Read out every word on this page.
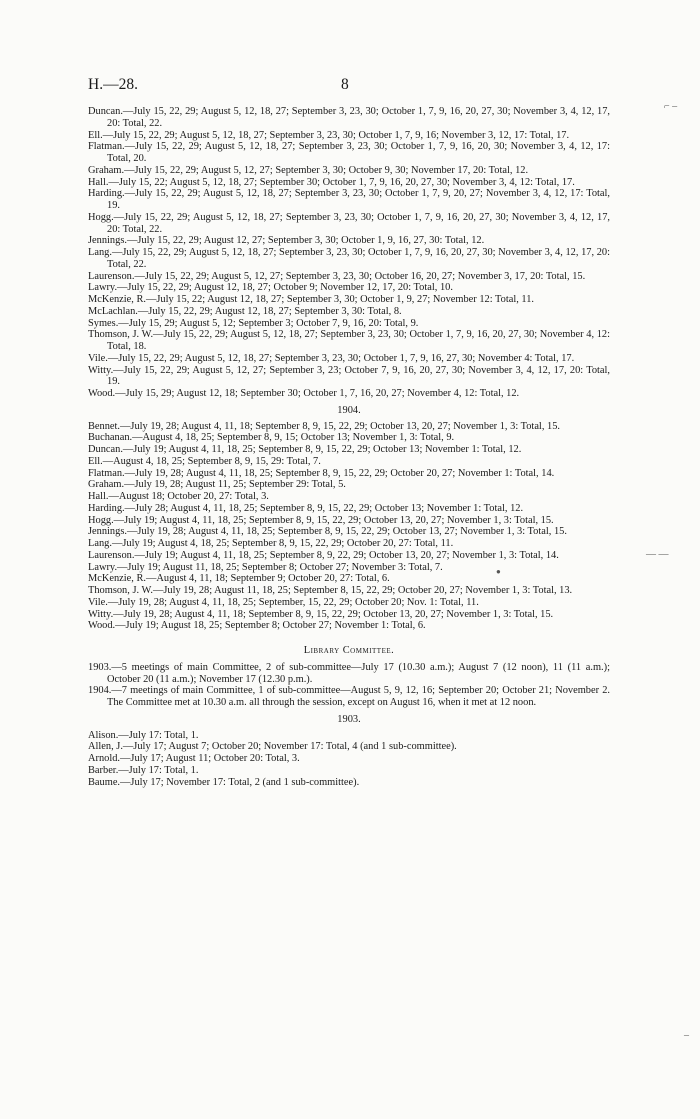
H.—28.	8
⌐ –
— —
●
–

Duncan.—July 15, 22, 29; August 5, 12, 18, 27; September 3, 23, 30; October 1, 7, 9, 16, 20, 27, 30; November 3, 4, 12, 17, 20: Total, 22.

Ell.—July 15, 22, 29; August 5, 12, 18, 27; September 3, 23, 30; October 1, 7, 9, 16; November 3, 12, 17: Total, 17.

Flatman.—July 15, 22, 29; August 5, 12, 18, 27; September 3, 23, 30; October 1, 7, 9, 16, 20, 30; November 3, 4, 12, 17: Total, 20.

Graham.—July 15, 22, 29; August 5, 12, 27; September 3, 30; October 9, 30; November 17, 20: Total, 12.

Hall.—July 15, 22; August 5, 12, 18, 27; September 30; October 1, 7, 9, 16, 20, 27, 30; November 3, 4, 12: Total, 17.

Harding.—July 15, 22, 29; August 5, 12, 18, 27; September 3, 23, 30; October 1, 7, 9, 20, 27; November 3, 4, 12, 17: Total, 19.

Hogg.—July 15, 22, 29; August 5, 12, 18, 27; September 3, 23, 30; October 1, 7, 9, 16, 20, 27, 30; November 3, 4, 12, 17, 20: Total, 22.

Jennings.—July 15, 22, 29; August 12, 27; September 3, 30; October 1, 9, 16, 27, 30: Total, 12.

Lang.—July 15, 22, 29; August 5, 12, 18, 27; September 3, 23, 30; October 1, 7, 9, 16, 20, 27, 30; November 3, 4, 12, 17, 20: Total, 22.

Laurenson.—July 15, 22, 29; August 5, 12, 27; September 3, 23, 30; October 16, 20, 27; November 3, 17, 20: Total, 15.

Lawry.—July 15, 22, 29; August 12, 18, 27; October 9; November 12, 17, 20: Total, 10.

McKenzie, R.—July 15, 22; August 12, 18, 27; September 3, 30; October 1, 9, 27; November 12: Total, 11.

McLachlan.—July 15, 22, 29; August 12, 18, 27; September 3, 30: Total, 8.

Symes.—July 15, 29; August 5, 12; September 3; October 7, 9, 16, 20: Total, 9.

Thomson, J. W.—July 15, 22, 29; August 5, 12, 18, 27; September 3, 23, 30; October 1, 7, 9, 16, 20, 27, 30; November 4, 12: Total, 18.

Vile.—July 15, 22, 29; August 5, 12, 18, 27; September 3, 23, 30; October 1, 7, 9, 16, 27, 30; November 4: Total, 17.

Witty.—July 15, 22, 29; August 5, 12, 27; September 3, 23; October 7, 9, 16, 20, 27, 30; November 3, 4, 12, 17, 20: Total, 19.

Wood.—July 15, 29; August 12, 18; September 30; October 1, 7, 16, 20, 27; November 4, 12: Total, 12.

1904.

Bennet.—July 19, 28; August 4, 11, 18; September 8, 9, 15, 22, 29; October 13, 20, 27; November 1, 3: Total, 15.

Buchanan.—August 4, 18, 25; September 8, 9, 15; October 13; November 1, 3: Total, 9.

Duncan.—July 19; August 4, 11, 18, 25; September 8, 9, 15, 22, 29; October 13; November 1: Total, 12.

Ell.—August 4, 18, 25; September 8, 9, 15, 29: Total, 7.

Flatman.—July 19, 28; August 4, 11, 18, 25; September 8, 9, 15, 22, 29; October 20, 27; November 1: Total, 14.

Graham.—July 19, 28; August 11, 25; September 29: Total, 5.

Hall.—August 18; October 20, 27: Total, 3.

Harding.—July 28; August 4, 11, 18, 25; September 8, 9, 15, 22, 29; October 13; November 1: Total, 12.

Hogg.—July 19; August 4, 11, 18, 25; September 8, 9, 15, 22, 29; October 13, 20, 27; November 1, 3: Total, 15.

Jennings.—July 19, 28; August 4, 11, 18, 25; September 8, 9, 15, 22, 29; October 13, 27; November 1, 3: Total, 15.

Lang.—July 19; August 4, 18, 25; September 8, 9, 15, 22, 29; October 20, 27: Total, 11.

Laurenson.—July 19; August 4, 11, 18, 25; September 8, 9, 22, 29; October 13, 20, 27; November 1, 3: Total, 14.

Lawry.—July 19; August 11, 18, 25; September 8; October 27; November 3: Total, 7.

McKenzie, R.—August 4, 11, 18; September 9; October 20, 27: Total, 6.

Thomson, J. W.—July 19, 28; August 11, 18, 25; September 8, 15, 22, 29; October 20, 27; November 1, 3: Total, 13.

Vile.—July 19, 28; August 4, 11, 18, 25; September, 15, 22, 29; October 20; Nov. 1: Total, 11.

Witty.—July 19, 28; August 4, 11, 18; September 8, 9, 15, 22, 29; October 13, 20, 27; November 1, 3: Total, 15.

Wood.—July 19; August 18, 25; September 8; October 27; November 1: Total, 6.

Library Committee.

1903.—5 meetings of main Committee, 2 of sub-committee—July 17 (10.30 a.m.); August 7 (12 noon), 11 (11 a.m.); October 20 (11 a.m.); November 17 (12.30 p.m.).

1904.—7 meetings of main Committee, 1 of sub-committee—August 5, 9, 12, 16; September 20; October 21; November 2. The Committee met at 10.30 a.m. all through the session, except on August 16, when it met at 12 noon.

1903.

Alison.—July 17: Total, 1.

Allen, J.—July 17; August 7; October 20; November 17: Total, 4 (and 1 sub-committee).

Arnold.—July 17; August 11; October 20: Total, 3.

Barber.—July 17: Total, 1.

Baume.—July 17; November 17: Total, 2 (and 1 sub-committee).
